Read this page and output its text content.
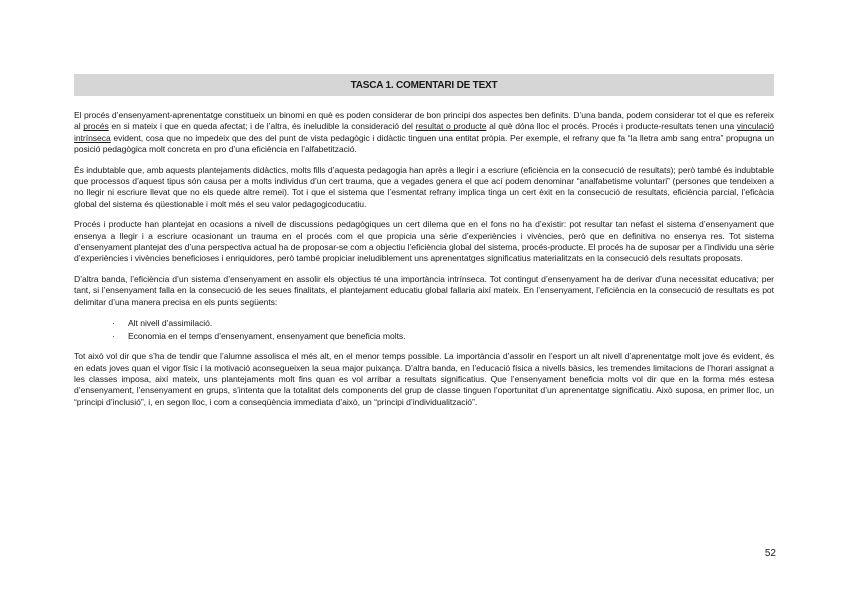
TASCA 1. COMENTARI DE TEXT

El procés d’ensenyament-aprenentatge constitueix un binomi en què es poden considerar de bon principi dos aspectes ben definits. D’una banda, podem considerar tot el que es refereix al procés en si mateix i que en queda afectat; i de l’altra, és ineludible la consideració del resultat o producte al què dóna lloc el procés. Procés i producte-resultats tenen una vinculació intrínseca evident, cosa que no impedeix que des del punt de vista pedagògic i didàctic tinguen una entitat pròpia. Per exemple, el refrany que fa “la lletra amb sang entra” propugna un posició pedagògica molt concreta en pro d’una eficiència en l’alfabetització.

És indubtable que, amb aquests plantejaments didàctics, molts fills d’aquesta pedagogia han après a llegir i a escriure (eficiència en la consecució de resultats); però també és indubtable que processos d’aquest tipus són causa per a molts individus d’un cert trauma, que a vegades genera el que ací podem denominar “analfabetisme voluntari” (persones que tendeixen a no llegir ni escriure llevat que no els quede altre remei). Tot i que el sistema que l’esmentat refrany implica tinga un cert èxit en la consecució de resultats, eficiència parcial, l’eficàcia global del sistema és qüestionable i molt més el seu valor pedagogicoducatiu.

Procés i producte han plantejat en ocasions a nivell de discussions pedagògiques un cert dilema que en el fons no ha d’existir: pot resultar tan nefast el sistema d’ensenyament que ensenya a llegir i a escriure ocasionant un trauma en el procés com el que propicia una sèrie d’experiències i vivències, però que en definitiva no ensenya res. Tot sistema d’ensenyament plantejat des d’una perspectiva actual ha de proposar-se com a objectiu l’eficiència global del sistema, procés-producte. El procés ha de suposar per a l’individu una sèrie d’experiències i vivències beneficioses i enriquidores, però també propiciar ineludiblement uns aprenentatges significatius materialitzats en la consecució dels resultats proposats.

D’altra banda, l’eficiència d’un sistema d’ensenyament en assolir els objectius té una importància intrínseca. Tot contingut d’ensenyament ha de derivar d’una necessitat educativa; per tant, si l’ensenyament falla en la consecució de les seues finalitats, el plantejament educatiu global fallaria així mateix. En l’ensenyament, l’eficiència en la consecució de resultats es pot delimitar d’una manera precisa en els punts següents:

· Alt nivell d’assimilació.
· Economia en el temps d’ensenyament, ensenyament que beneficia molts.

Tot això vol dir que s’ha de tendir que l’alumne assolisca el més alt, en el menor temps possible. La importància d’assolir en l’esport un alt nivell d’aprenentatge molt jove és evident, és en edats joves quan el vigor físic i la motivació aconsegueixen la seua major puixança. D’altra banda, en l’educació física a nivells bàsics, les tremendes limitacions de l’horari assignat a les classes imposa, així mateix, uns plantejaments molt fins quan es vol arribar a resultats significatius. Que l’ensenyament beneficia molts vol dir que en la forma més estesa d’ensenyament, l’ensenyament en grups, s’intenta que la totalitat dels components del grup de classe tinguen l’oportunitat d’un aprenentatge significatiu. Això suposa, en primer lloc, un “principi d’inclusió”, i, en segon lloc, i com a conseqüència immediata d’això, un “principi d’individualització”.

52
